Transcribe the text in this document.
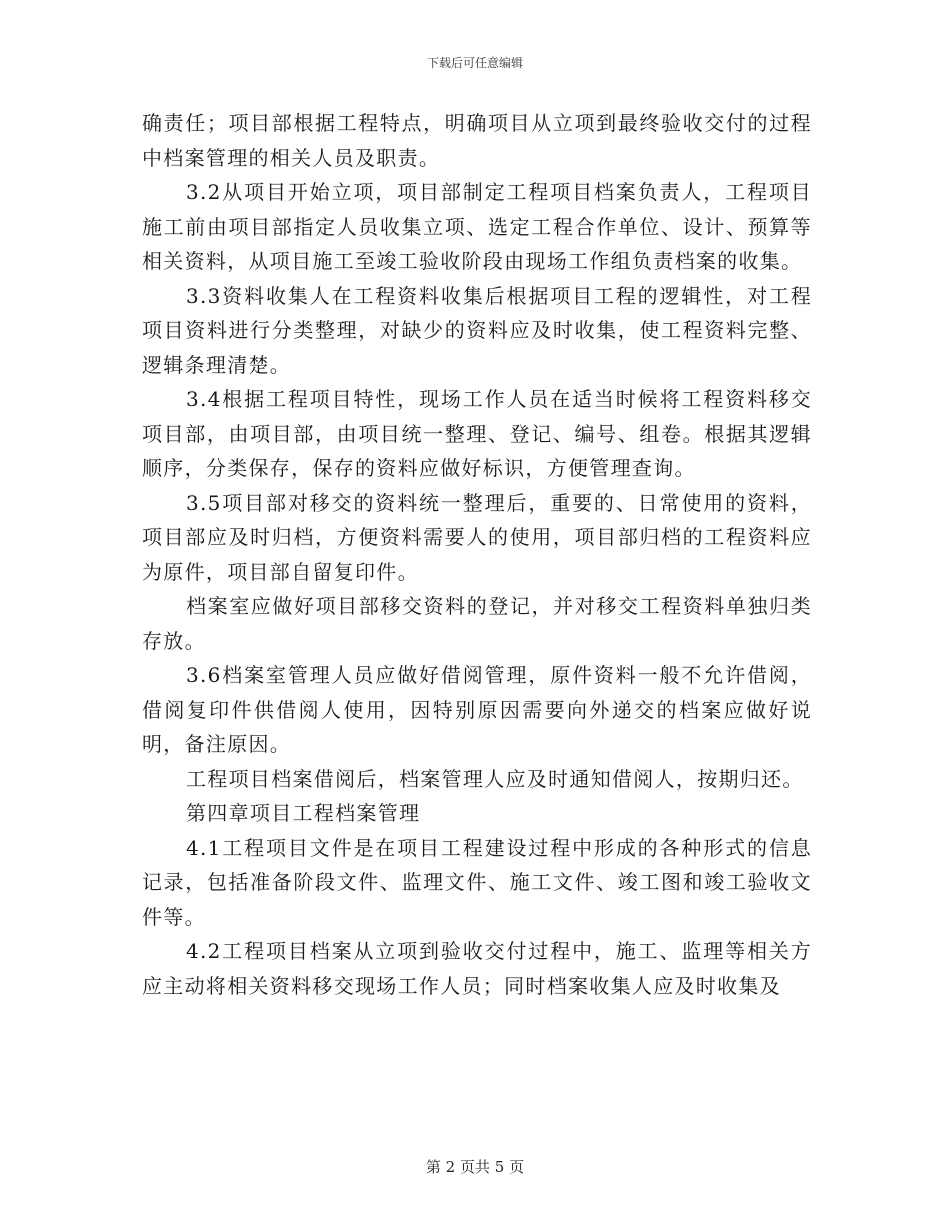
下载后可任意编辑

确责任；项目部根据工程特点，明确项目从立项到最终验收交付的过程中档案管理的相关人员及职责。

3.2从项目开始立项，项目部制定工程项目档案负责人，工程项目施工前由项目部指定人员收集立项、选定工程合作单位、设计、预算等相关资料，从项目施工至竣工验收阶段由现场工作组负责档案的收集。

3.3资料收集人在工程资料收集后根据项目工程的逻辑性，对工程项目资料进行分类整理，对缺少的资料应及时收集，使工程资料完整、逻辑条理清楚。

3.4根据工程项目特性，现场工作人员在适当时候将工程资料移交项目部，由项目部，由项目统一整理、登记、编号、组卷。根据其逻辑顺序，分类保存，保存的资料应做好标识，方便管理查询。

3.5项目部对移交的资料统一整理后，重要的、日常使用的资料，项目部应及时归档，方便资料需要人的使用，项目部归档的工程资料应为原件，项目部自留复印件。

档案室应做好项目部移交资料的登记，并对移交工程资料单独归类存放。

3.6档案室管理人员应做好借阅管理，原件资料一般不允许借阅，借阅复印件供借阅人使用，因特别原因需要向外递交的档案应做好说明，备注原因。

工程项目档案借阅后，档案管理人应及时通知借阅人，按期归还。

第四章项目工程档案管理

4.1工程项目文件是在项目工程建设过程中形成的各种形式的信息记录，包括准备阶段文件、监理文件、施工文件、竣工图和竣工验收文件等。

4.2工程项目档案从立项到验收交付过程中，施工、监理等相关方应主动将相关资料移交现场工作人员；同时档案收集人应及时收集及

第 2 页共 5 页
